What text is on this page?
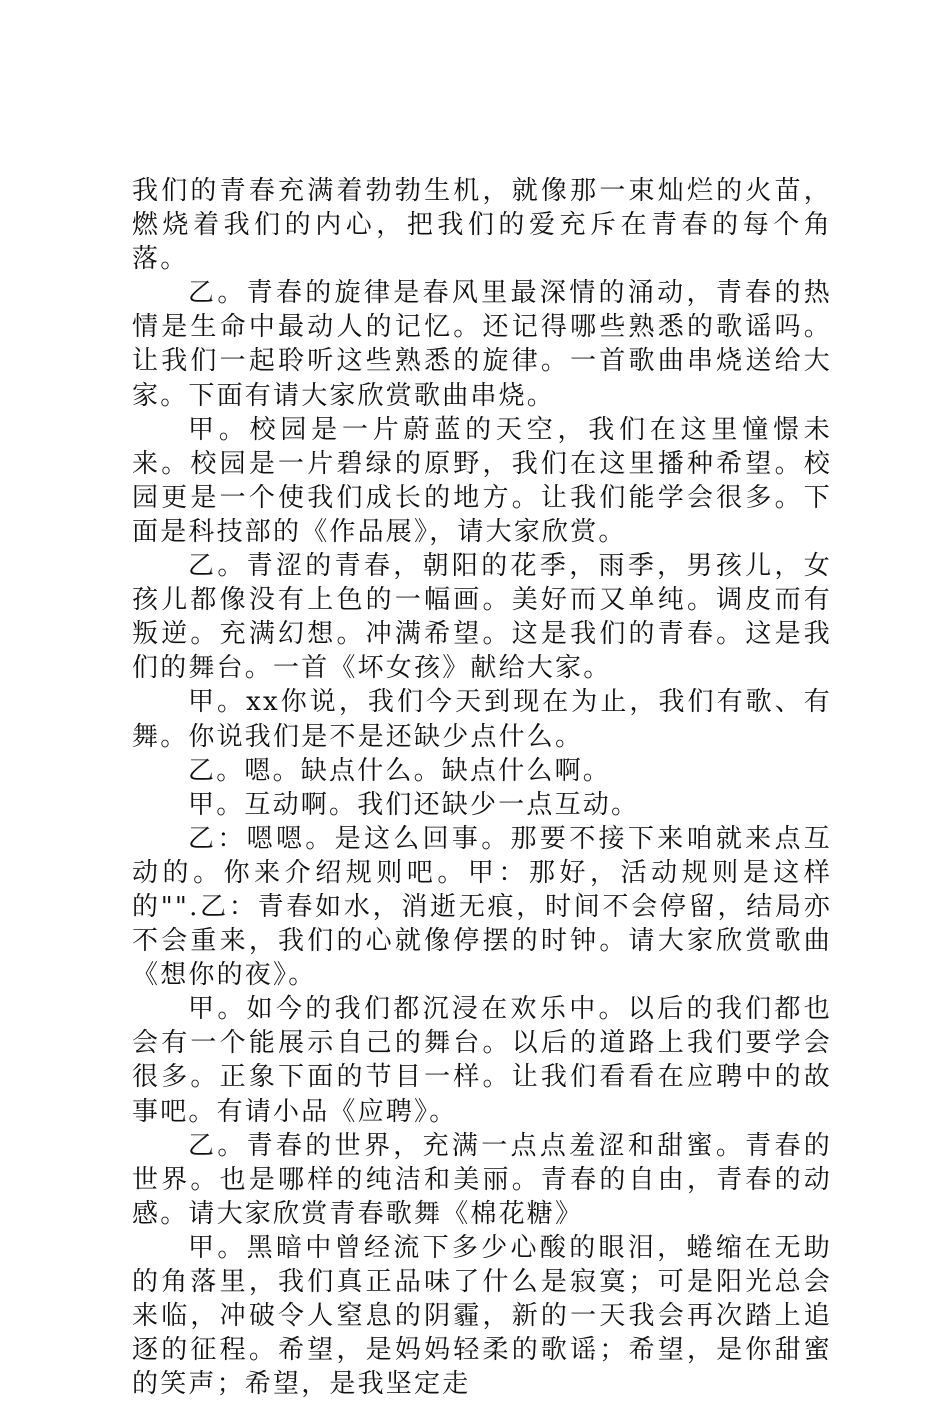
我们的青春充满着勃勃生机，就像那一束灿烂的火苗，燃烧着我们的内心，把我们的爱充斥在青春的每个角落。

乙。青春的旋律是春风里最深情的涌动，青春的热情是生命中最动人的记忆。还记得哪些熟悉的歌谣吗。让我们一起聆听这些熟悉的旋律。一首歌曲串烧送给大家。下面有请大家欣赏歌曲串烧。

甲。校园是一片蔚蓝的天空，我们在这里憧憬未来。校园是一片碧绿的原野，我们在这里播种希望。校园更是一个使我们成长的地方。让我们能学会很多。下面是科技部的《作品展》，请大家欣赏。

乙。青涩的青春，朝阳的花季，雨季，男孩儿，女孩儿都像没有上色的一幅画。美好而又单纯。调皮而有叛逆。充满幻想。冲满希望。这是我们的青春。这是我们的舞台。一首《坏女孩》献给大家。

甲。xx你说，我们今天到现在为止，我们有歌、有舞。你说我们是不是还缺少点什么。

乙。嗯。缺点什么。缺点什么啊。

甲。互动啊。我们还缺少一点互动。

乙：嗯嗯。是这么回事。那要不接下来咱就来点互动的。你来介绍规则吧。甲：那好，活动规则是这样的"".乙：青春如水，消逝无痕，时间不会停留，结局亦不会重来，我们的心就像停摆的时钟。请大家欣赏歌曲《想你的夜》。

甲。如今的我们都沉浸在欢乐中。以后的我们都也会有一个能展示自己的舞台。以后的道路上我们要学会很多。正象下面的节目一样。让我们看看在应聘中的故事吧。有请小品《应聘》。

乙。青春的世界，充满一点点羞涩和甜蜜。青春的世界。也是哪样的纯洁和美丽。青春的自由，青春的动感。请大家欣赏青春歌舞《棉花糖》

甲。黑暗中曾经流下多少心酸的眼泪，蜷缩在无助的角落里，我们真正品味了什么是寂寞；可是阳光总会来临，冲破令人窒息的阴霾，新的一天我会再次踏上追逐的征程。希望，是妈妈轻柔的歌谣；希望，是你甜蜜的笑声；希望，是我坚定走
